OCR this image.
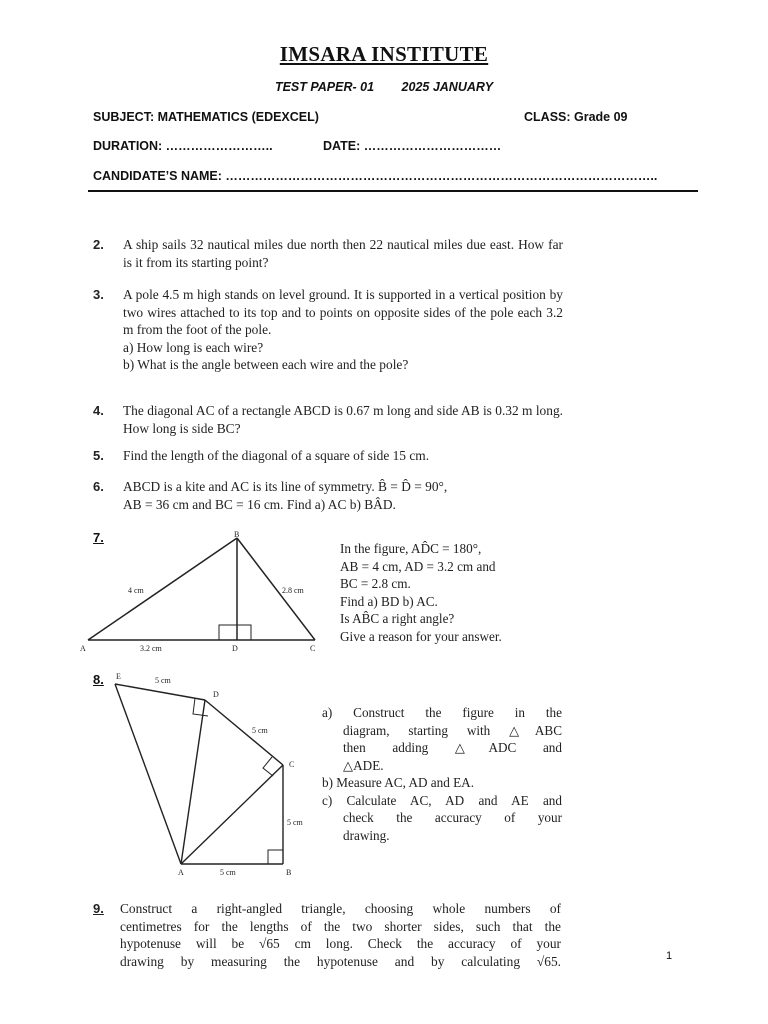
IMSARA INSTITUTE
TEST PAPER- 01 2025 JANUARY
SUBJECT: MATHEMATICS (EDEXCEL)	CLASS: Grade 09
DURATION: ……………………..	DATE: ……………………………
CANDIDATE’S NAME: …………………………………………………………………………………………..
2. A ship sails 32 nautical miles due north then 22 nautical miles due east. How far is it from its starting point?
3. A pole 4.5 m high stands on level ground. It is supported in a vertical position by two wires attached to its top and to points on opposite sides of the pole each 3.2 m from the foot of the pole.
a) How long is each wire?
b) What is the angle between each wire and the pole?
4. The diagonal AC of a rectangle ABCD is 0.67 m long and side AB is 0.32 m long. How long is side BC?
5. Find the length of the diagonal of a square of side 15 cm.
6. ABCD is a kite and AC is its line of symmetry. B̂ = D̂ = 90°,
AB = 36 cm and BC = 16 cm. Find a) AC b) BÂD.
7.
A
B
C
D
4 cm	2.8 cm
3.2 cm
In the figure, AD̂C = 180°,
AB = 4 cm, AD = 3.2 cm and
BC = 2.8 cm.
Find a) BD b) AC.
Is AB̂C a right angle?
Give a reason for your answer.
8. E
D
C
B
A
5 cm
5 cm
5 cm
5 cm
a) Construct the figure in the
diagram, starting with △ABC
then adding △ADC and
△ADE.
b) Measure AC, AD and EA.
c) Calculate AC, AD and AE and
check the accuracy of your
drawing.
9. Construct a right-angled triangle, choosing whole numbers of
centimetres for the lengths of the two shorter sides, such that the
hypotenuse will be √65 cm long. Check the accuracy of your
drawing by measuring the hypotenuse and by calculating √65.	1
